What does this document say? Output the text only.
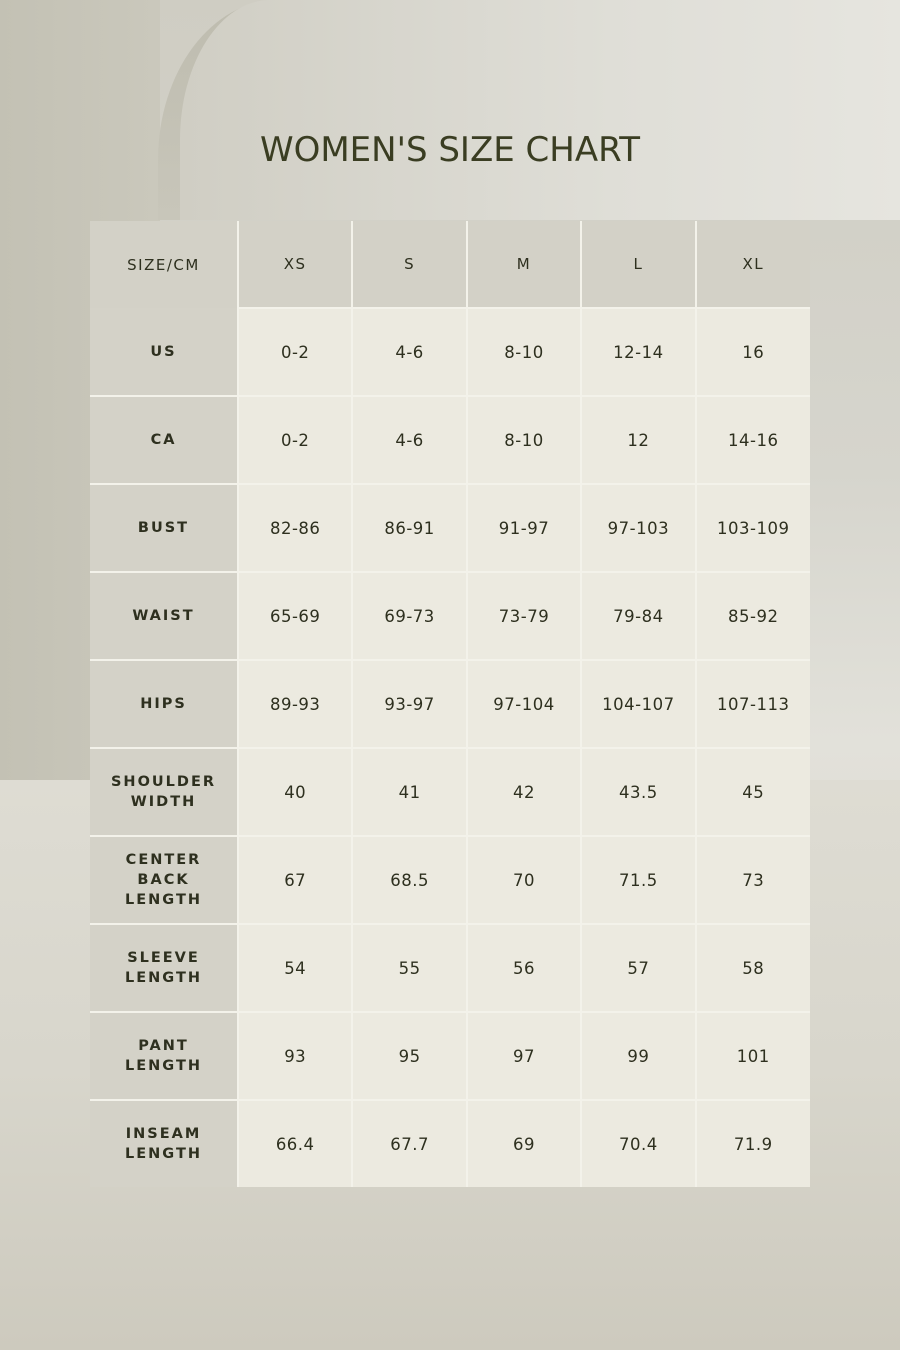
WOMEN'S SIZE CHART
SIZE/CM	XS	S	M	L	XL
US	0-2	4-6	8-10	12-14	16
CA	0-2	4-6	8-10	12	14-16
BUST	82-86	86-91	91-97	97-103	103-109
WAIST	65-69	69-73	73-79	79-84	85-92
HIPS	89-93	93-97	97-104	104-107	107-113
SHOULDER
WIDTH	40	41	42	43.5	45
CENTER
BACK
LENGTH	67	68.5	70	71.5	73
SLEEVE
LENGTH	54	55	56	57	58
PANT
LENGTH	93	95	97	99	101
INSEAM
LENGTH	66.4	67.7	69	70.4	71.9
